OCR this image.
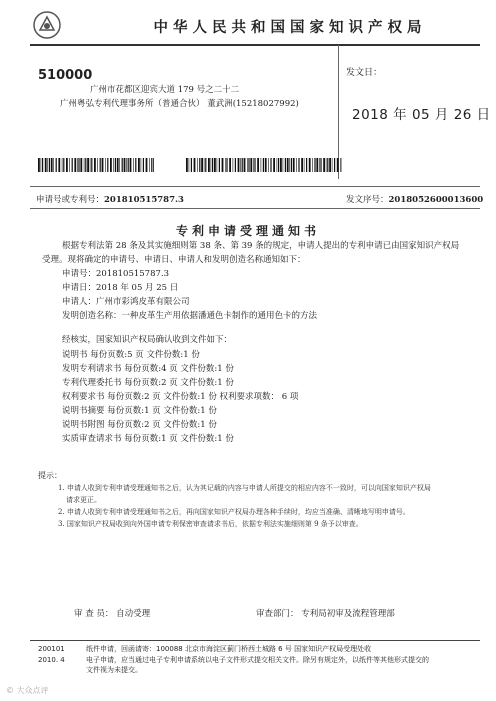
中华人民共和国国家知识产权局
510000
广州市花都区迎宾大道 179 号之二十二
广州粤弘专利代理事务所（普通合伙） 董武洲(15218027992)
发文日：
2018 年 05 月 26 日
申请号或专利号：201810515787.3	发文序号：2018052600013600
专利申请受理通知书
根据专利法第 28 条及其实施细则第 38 条、第 39 条的规定，申请人提出的专利申请已由国家知识产权局
受理。现将确定的申请号、申请日、申请人和发明创造名称通知如下：
申请号：201810515787.3
申请日：2018 年 05 月 25 日
申请人：广州市彩鸿皮革有限公司
发明创造名称：一种皮革生产用依据潘通色卡制作的通用色卡的方法
经核实，国家知识产权局确认收到文件如下：
说明书 每份页数:5 页 文件份数:1 份
发明专利请求书 每份页数:4 页 文件份数:1 份
专利代理委托书 每份页数:2 页 文件份数:1 份
权利要求书 每份页数:2 页 文件份数:1 份 权利要求项数： 6 项
说明书摘要 每份页数:1 页 文件份数:1 份
说明书附图 每份页数:2 页 文件份数:1 份
实质审查请求书 每份页数:1 页 文件份数:1 份
提示：
1. 申请人收到专利申请受理通知书之后，认为其记载的内容与申请人所提交的相应内容不一致时，可以向国家知识产权局
请求更正。
2. 申请人收到专利申请受理通知书之后，再向国家知识产权局办理各种手续时，均应当准确、清晰地写明申请号。
3. 国家知识产权局收到向外国申请专利保密审查请求书后，依据专利法实施细则第 9 条予以审查。
审 查 员： 自动受理	审查部门： 专利局初审及流程管理部
200101	纸件申请，回函请寄：100088 北京市海淀区蓟门桥西土城路 6 号 国家知识产权局受理处收
2010. 4	电子申请，应当通过电子专利申请系统以电子文件形式提交相关文件。除另有规定外，以纸件等其他形式提交的
文件视为未提交。
© 大众点评
